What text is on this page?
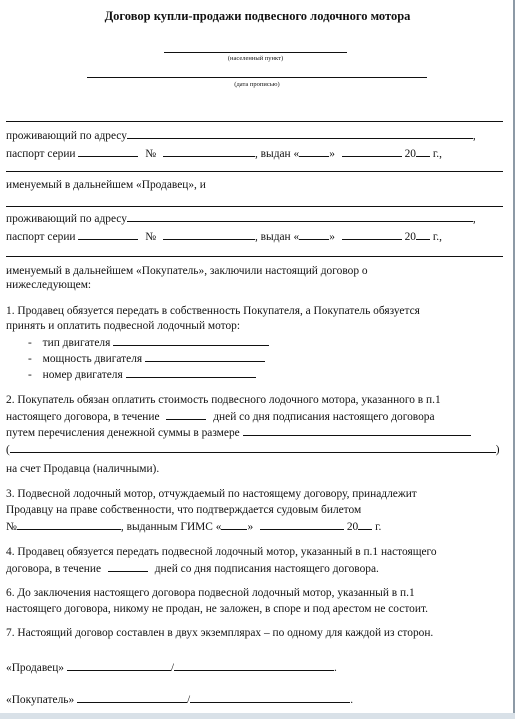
Договор купли-продажи подвесного лодочного мотора
(населенный пункт)
(дата прописью)
проживающий по адресу	,
паспорт серии	№	, выдан «	»	20 г.,
именуемый в дальнейшем «Продавец», и
проживающий по адресу	,
паспорт серии	№	, выдан «	»	20 г.,
именуемый в дальнейшем «Покупатель», заключили настоящий договор о
нижеследующем:
1. Продавец обязуется передать в собственность Покупателя, а Покупатель обязуется
принять и оплатить подвесной лодочный мотор:
- тип двигателя
- мощность двигателя
- номер двигателя
2. Покупатель обязан оплатить стоимость подвесного лодочного мотора, указанного в п.1
настоящего договора, в течение	дней со дня подписания настоящего договора
путем перечисления денежной суммы в размере
(	)
на счет Продавца (наличными).
3. Подвесной лодочный мотор, отчуждаемый по настоящему договору, принадлежит
Продавцу на праве собственности, что подтверждается судовым билетом
№	, выданным ГИМС « »	20 г.
4. Продавец обязуется передать подвесной лодочный мотор, указанный в п.1 настоящего
договора, в течение	дней со дня подписания настоящего договора.
6. До заключения настоящего договора подвесной лодочный мотор, указанный в п.1
настоящего договора, никому не продан, не заложен, в споре и под арестом не состоит.
7. Настоящий договор составлен в двух экземплярах – по одному для каждой из сторон.
«Продавец»	/	.
«Покупатель»	/	.
